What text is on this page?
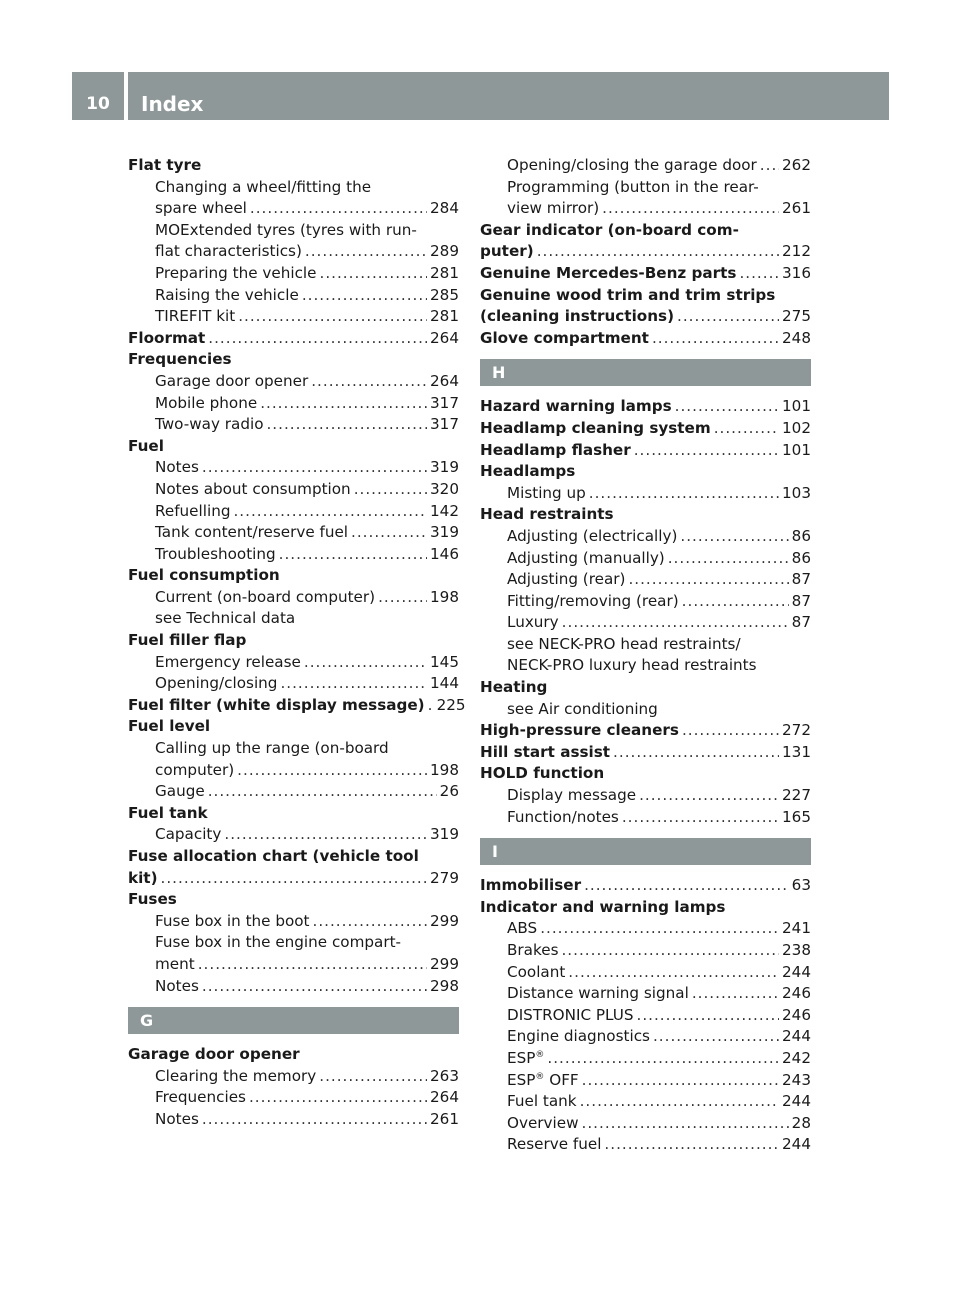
10	Index
Flat tyre
Changing a wheel/fitting the
spare wheel .....	284
MOExtended tyres (tyres with run-
flat characteristics) .....	289
Preparing the vehicle .....	281
Raising the vehicle .....	285
TIREFIT kit .....	281
Floormat .....	264
Frequencies
Garage door opener .....	264
Mobile phone .....	317
Two-way radio .....	317
Fuel
Notes .....	319
Notes about consumption .....	320
Refuelling .....	142
Tank content/reserve fuel .....	319
Troubleshooting .....	146
Fuel consumption
Current (on-board computer) .....	198
see Technical data
Fuel filler flap
Emergency release .....	145
Opening/closing .....	144
Fuel filter (white display message) ..... 225
Fuel level
Calling up the range (on-board
computer) .....	198
Gauge .....	26
Fuel tank
Capacity .....	319
Fuse allocation chart (vehicle tool
kit) .....	279
Fuses
Fuse box in the boot .....	299
Fuse box in the engine compart-
ment .....	299
Notes .....	298
G
Garage door opener
Clearing the memory .....	263
Frequencies .....	264
Notes .....	261
Opening/closing the garage door ..... 262
Programming (button in the rear-
view mirror) .....	261
Gear indicator (on-board com-
puter) .....	212
Genuine Mercedes-Benz parts .....	316
Genuine wood trim and trim strips
(cleaning instructions) .....	275
Glove compartment .....	248
H
Hazard warning lamps .....	101
Headlamp cleaning system .....	102
Headlamp flasher .....	101
Headlamps
Misting up .....	103
Head restraints
Adjusting (electrically) .....	86
Adjusting (manually) .....	86
Adjusting (rear) .....	87
Fitting/removing (rear) .....	87
Luxury .....	87
see NECK-PRO head restraints/
NECK-PRO luxury head restraints
Heating
see Air conditioning
High-pressure cleaners .....	272
Hill start assist .....	131
HOLD function
Display message .....	227
Function/notes .....	165
I
Immobiliser .....	63
Indicator and warning lamps
ABS .....	241
Brakes .....	238
Coolant .....	244
Distance warning signal .....	246
DISTRONIC PLUS .....	246
Engine diagnostics .....	244
ESP® .....	242
ESP® OFF .....	243
Fuel tank .....	244
Overview .....	28
Reserve fuel .....	244
